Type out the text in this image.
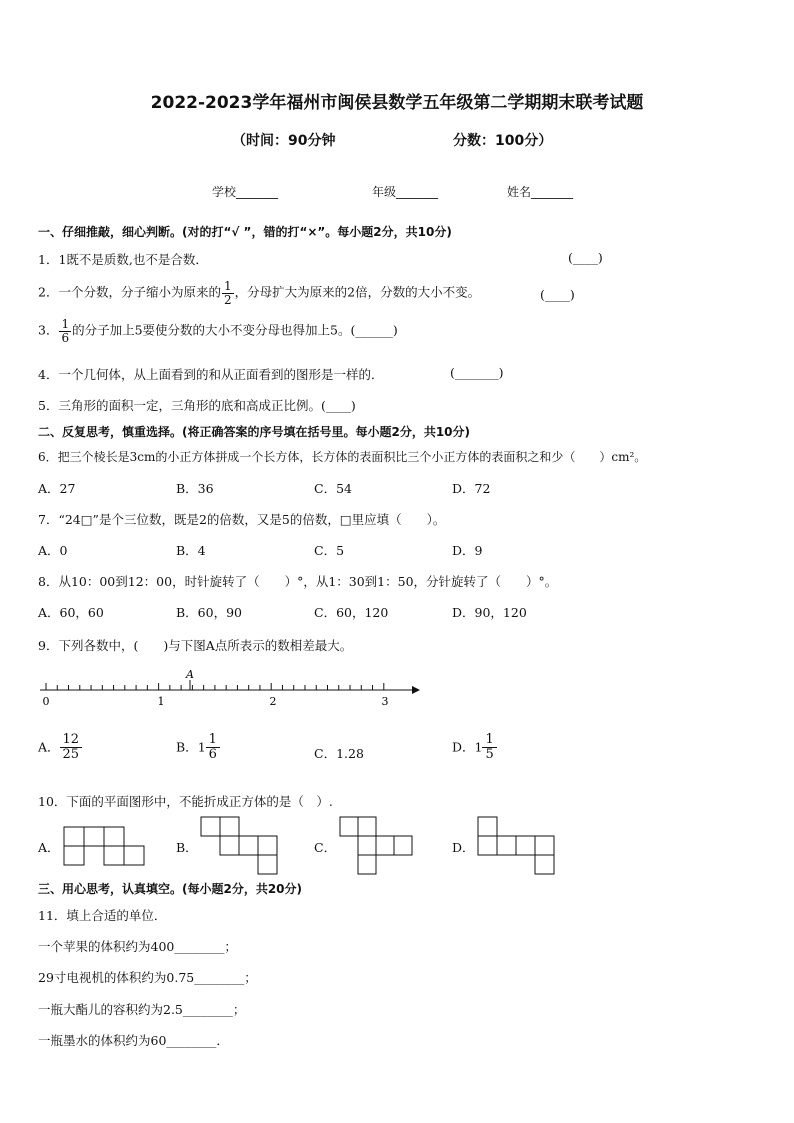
2022-2023学年福州市闽侯县数学五年级第二学期期末联考试题
（时间：90分钟	分数：100分）
学校_______	年级_______	姓名_______
一、仔细推敲，细心判断。(对的打“√ ”，错的打“×”。每小题2分，共10分)
1．1既不是质数,也不是合数．	(____)
2．一个分数，分子缩小为原来的 $\frac{1}{2}$ ，分母扩大为原来的2倍，分数的大小不变。	(____)
3． $\frac{1}{6}$ 的分子加上5要使分数的大小不变分母也得加上5。(______)
4．一个几何体，从上面看到的和从正面看到的图形是一样的．	(_______)
5．三角形的面积一定，三角形的底和高成正比例。(____)
二、反复思考，慎重选择。(将正确答案的序号填在括号里。每小题2分，共10分)
6．把三个棱长是3cm的小正方体拼成一个长方体，长方体的表面积比三个小正方体的表面积之和少（　　）cm²。
A．27	B．36	C．54	D．72
7．“24□”是个三位数，既是2的倍数，又是5的倍数，□里应填（　　）。
A．0	B．4	C．5	D．9
8．从10：00到12：00，时针旋转了（　　）°，从1：30到1：50，分针旋转了（　　）°。
A．60，60	B．60，90	C．60，120	D．90，120
9．下列各数中，(　　)与下图A点所表示的数相差最大。
0	1	2	3
A
A． $\frac{12}{25}$	B．$1 \frac{1}{6}$	C．1.28	D．$1 \frac{1}{5}$
10．下面的平面图形中，不能折成正方体的是（　）.
A．	B．	C．	D．
三、用心思考，认真填空。(每小题2分，共20分)
11．填上合适的单位．
一个苹果的体积约为400________；
29寸电视机的体积约为0.75________；
一瓶大酯儿的容积约为2.5________；
一瓶墨水的体积约为60________．
